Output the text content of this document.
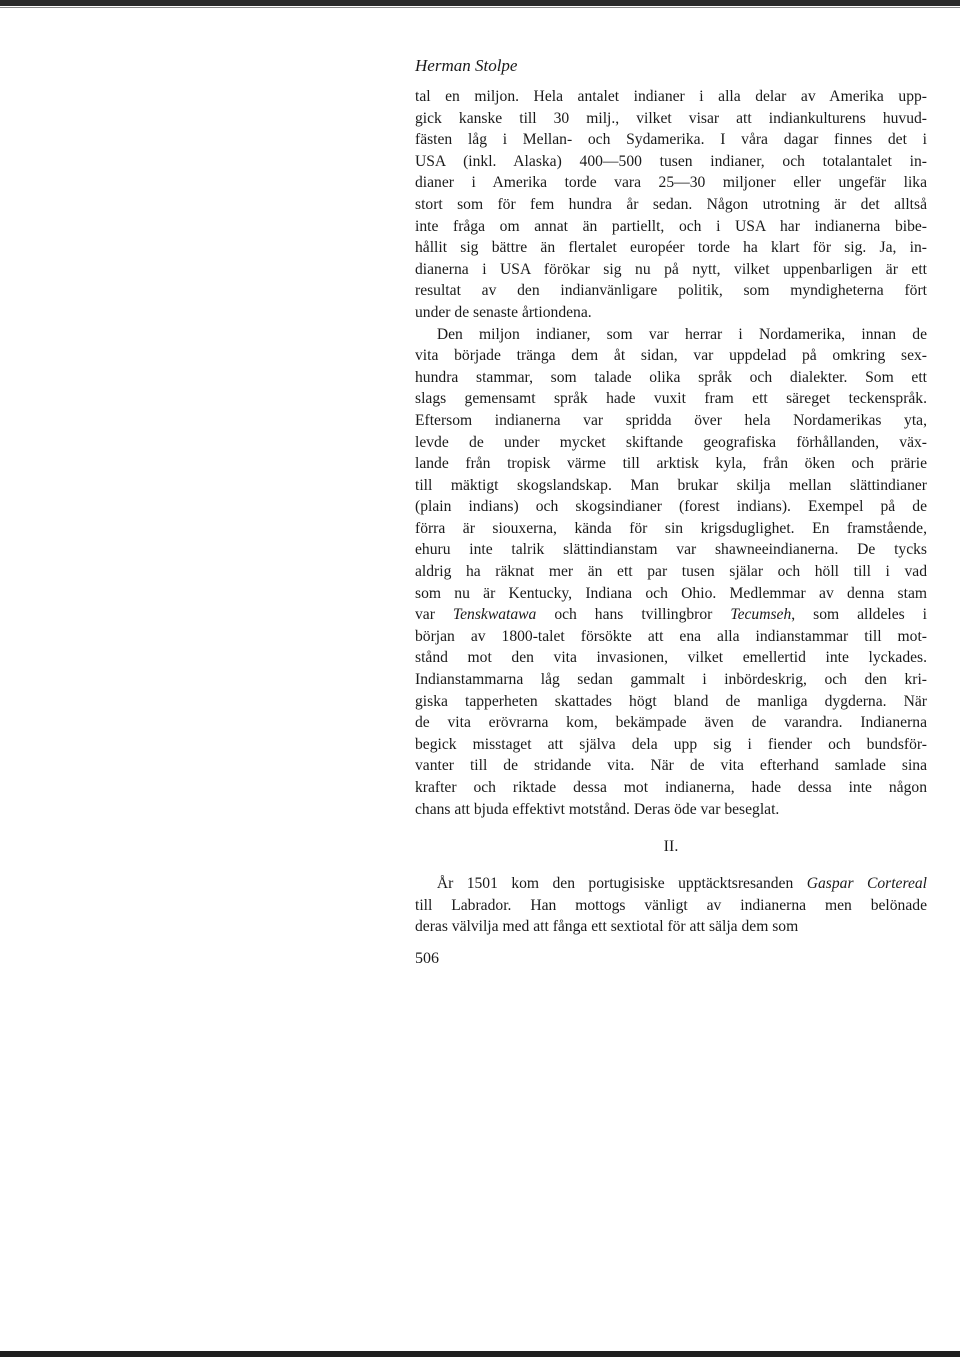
Herman Stolpe

tal en miljon. Hela antalet indianer i alla delar av Amerika upp-
gick kanske till 30 milj., vilket visar att indiankulturens huvud-
fästen låg i Mellan- och Sydamerika. I våra dagar finnes det i
USA (inkl. Alaska) 400—500 tusen indianer, och totalantalet in-
dianer i Amerika torde vara 25—30 miljoner eller ungefär lika
stort som för fem hundra år sedan. Någon utrotning är det alltså
inte fråga om annat än partiellt, och i USA har indianerna bibe-
hållit sig bättre än flertalet européer torde ha klart för sig. Ja, in-
dianerna i USA förökar sig nu på nytt, vilket uppenbarligen är ett
resultat av den indianvänligare politik, som myndigheterna fört
under de senaste årtiondena.

Den miljon indianer, som var herrar i Nordamerika, innan de
vita började tränga dem åt sidan, var uppdelad på omkring sex-
hundra stammar, som talade olika språk och dialekter. Som ett
slags gemensamt språk hade vuxit fram ett säreget teckenspråk.
Eftersom indianerna var spridda över hela Nordamerikas yta,
levde de under mycket skiftande geografiska förhållanden, väx-
lande från tropisk värme till arktisk kyla, från öken och prärie
till mäktigt skogslandskap. Man brukar skilja mellan slättindianer
(plain indians) och skogsindianer (forest indians). Exempel på de
förra är siouxerna, kända för sin krigsduglighet. En framstående,
ehuru inte talrik slättindianstam var shawneeindianerna. De tycks
aldrig ha räknat mer än ett par tusen själar och höll till i vad
som nu är Kentucky, Indiana och Ohio. Medlemmar av denna stam
var Tenskwatawa och hans tvillingbror Tecumseh, som alldeles i
början av 1800-talet försökte att ena alla indianstammar till mot-
stånd mot den vita invasionen, vilket emellertid inte lyckades.
Indianstammarna låg sedan gammalt i inbördeskrig, och den kri-
giska tapperheten skattades högt bland de manliga dygderna. När
de vita erövrarna kom, bekämpade även de varandra. Indianerna
begick misstaget att själva dela upp sig i fiender och bundsför-
vanter till de stridande vita. När de vita efterhand samlade sina
krafter och riktade dessa mot indianerna, hade dessa inte någon
chans att bjuda effektivt motstånd. Deras öde var beseglat.

II.

År 1501 kom den portugisiske upptäcktsresanden Gaspar Cortereal
till Labrador. Han mottogs vänligt av indianerna men belönade
deras välvilja med att fånga ett sextiotal för att sälja dem som

506
